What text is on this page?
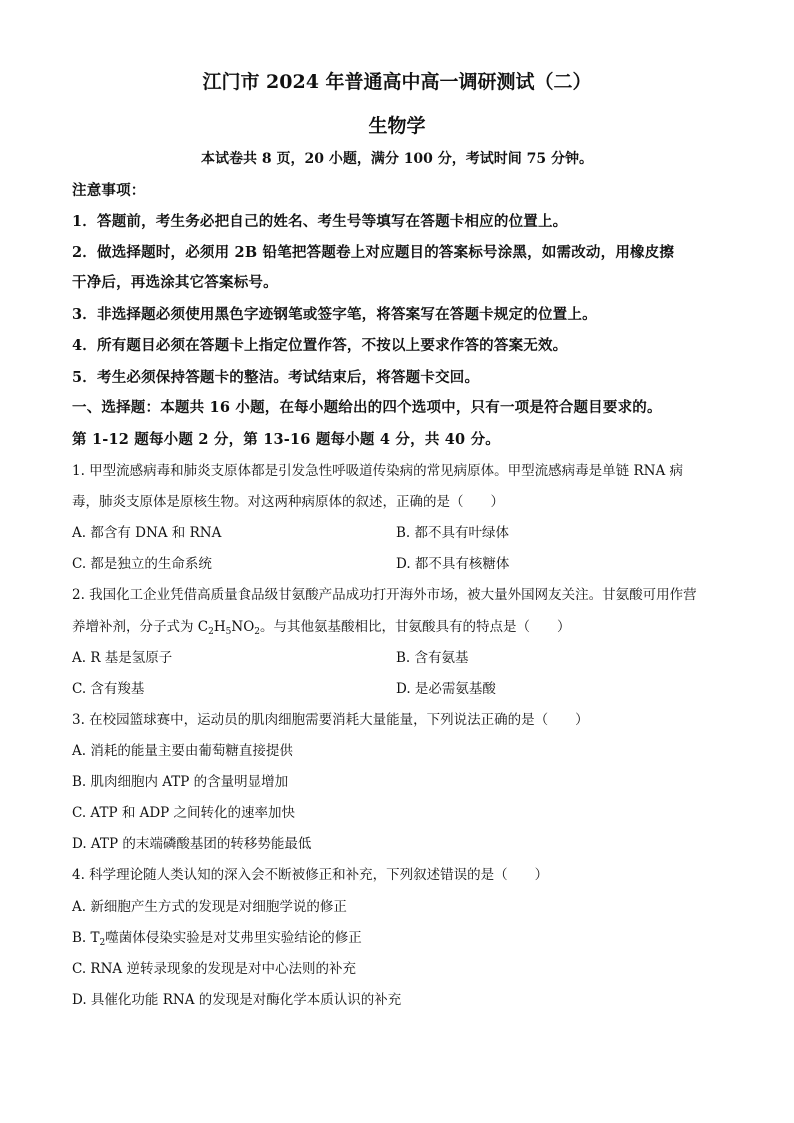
江门市 2024 年普通高中高一调研测试（二）
生物学
本试卷共 8 页，20 小题，满分 100 分，考试时间 75 分钟。
注意事项：
1．答题前，考生务必把自己的姓名、考生号等填写在答题卡相应的位置上。
2．做选择题时，必须用 2B 铅笔把答题卷上对应题目的答案标号涂黑，如需改动，用橡皮擦
干净后，再选涂其它答案标号。
3．非选择题必须使用黑色字迹钢笔或签字笔，将答案写在答题卡规定的位置上。
4．所有题目必须在答题卡上指定位置作答，不按以上要求作答的答案无效。
5．考生必须保持答题卡的整洁。考试结束后，将答题卡交回。
一、选择题：本题共 16 小题，在每小题给出的四个选项中，只有一项是符合题目要求的。
第 1-12 题每小题 2 分，第 13-16 题每小题 4 分，共 40 分。
1. 甲型流感病毒和肺炎支原体都是引发急性呼吸道传染病的常见病原体。甲型流感病毒是单链 RNA 病
毒，肺炎支原体是原核生物。对这两种病原体的叙述，正确的是（　　）
A. 都含有 DNA 和 RNA	B. 都不具有叶绿体
C. 都是独立的生命系统	D. 都不具有核糖体
2. 我国化工企业凭借高质量食品级甘氨酸产品成功打开海外市场，被大量外国网友关注。甘氨酸可用作营
养增补剂，分子式为 $C_2H_5NO_2$。与其他氨基酸相比，甘氨酸具有的特点是（　　）
A. R 基是氢原子	B. 含有氨基
C. 含有羧基	D. 是必需氨基酸
3. 在校园篮球赛中，运动员的肌肉细胞需要消耗大量能量，下列说法正确的是（　　）
A. 消耗的能量主要由葡萄糖直接提供
B. 肌肉细胞内 ATP 的含量明显增加
C. ATP 和 ADP 之间转化的速率加快
D. ATP 的末端磷酸基团的转移势能最低
4. 科学理论随人类认知的深入会不断被修正和补充，下列叙述错误的是（　　）
A. 新细胞产生方式的发现是对细胞学说的修正
B. $T_2$噬菌体侵染实验是对艾弗里实验结论的修正
C. RNA 逆转录现象的发现是对中心法则的补充
D. 具催化功能 RNA 的发现是对酶化学本质认识的补充
